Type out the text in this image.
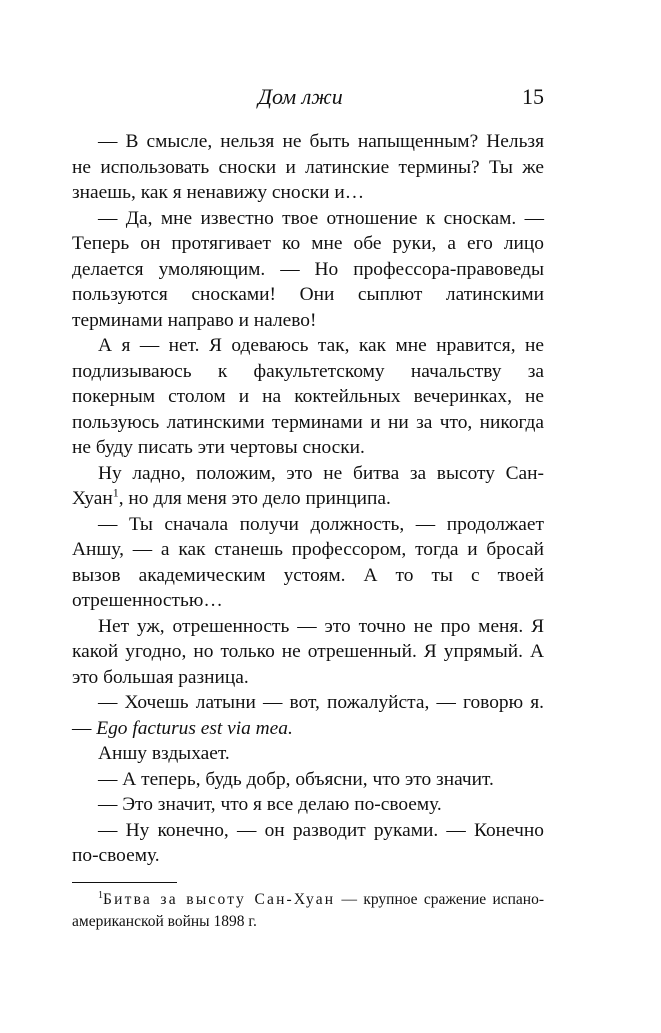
Дом лжи	15

— В смысле, нельзя не быть напыщенным? Нельзя не использовать сноски и латинские термины? Ты же знаешь, как я ненавижу сноски и…

— Да, мне известно твое отношение к сноскам. — Теперь он протягивает ко мне обе руки, а его лицо делается умоляющим. — Но профессора-правоведы пользуются сносками! Они сыплют латинскими терминами направо и налево!

А я — нет. Я одеваюсь так, как мне нравится, не подлизываюсь к факультетскому начальству за покерным столом и на коктейльных вечеринках, не пользуюсь латинскими терминами и ни за что, никогда не буду писать эти чертовы сноски.

Ну ладно, положим, это не битва за высоту Сан-Хуан$^1$, но для меня это дело принципа.

— Ты сначала получи должность, — продолжает Аншу, — а как станешь профессором, тогда и бросай вызов академическим устоям. А то ты с твоей отрешенностью…

Нет уж, отрешенность — это точно не про меня. Я какой угодно, но только не отрешенный. Я упрямый. А это большая разница.

— Хочешь латыни — вот, пожалуйста, — говорю я. — Ego facturus est via mea.

Аншу вздыхает.

— А теперь, будь добр, объясни, что это значит.

— Это значит, что я все делаю по-своему.

— Ну конечно, — он разводит руками. — Конечно по-своему.

$^1$Битва за высоту Сан-Хуан — крупное сражение испано-американской войны 1898 г.
